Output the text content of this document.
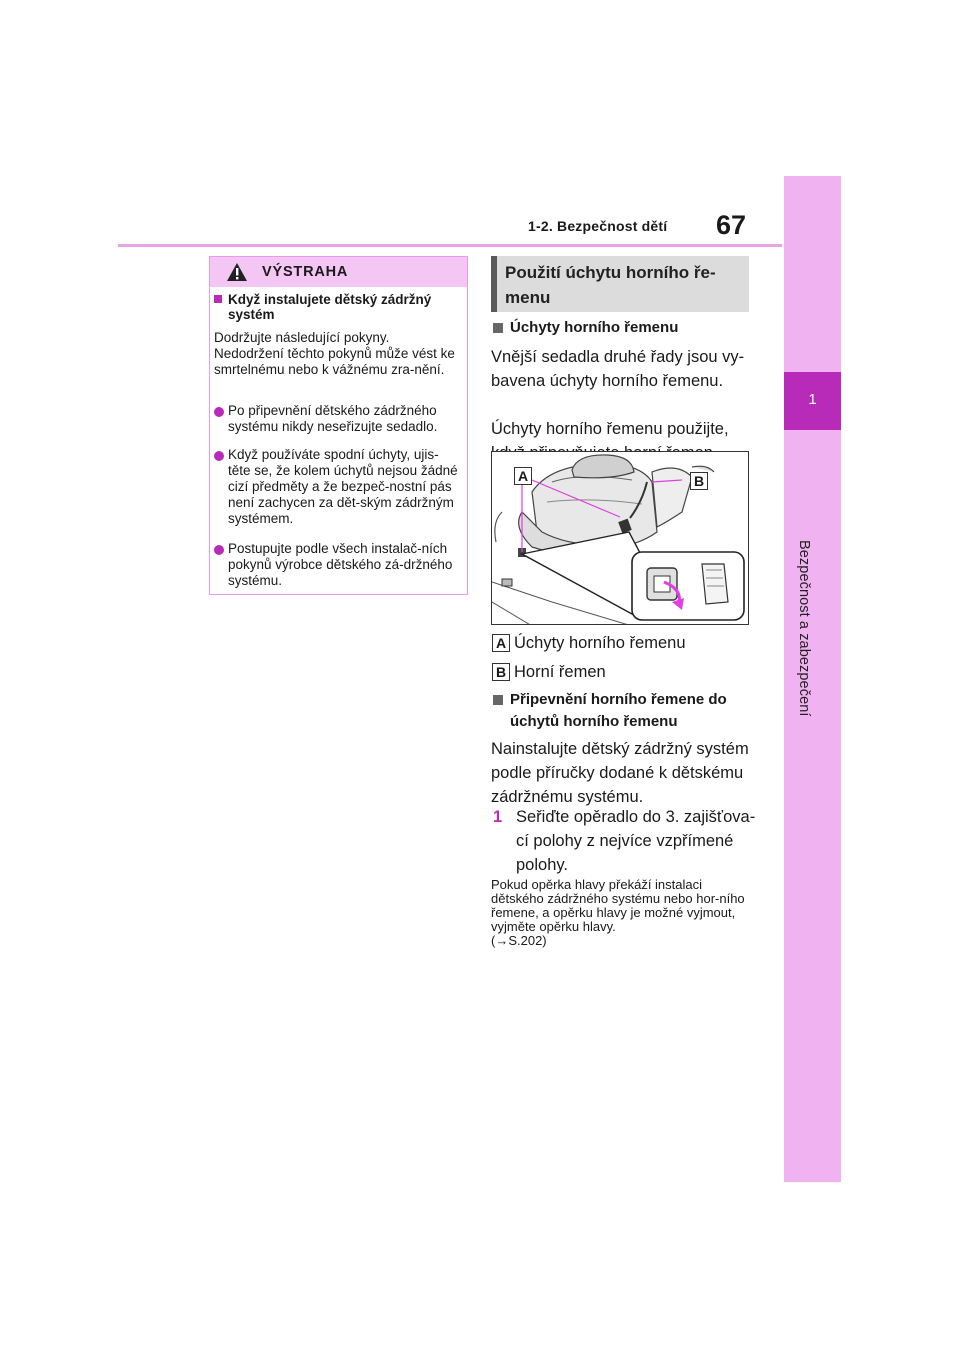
1-2. Bezpečnost dětí 67
1
Bezpečnost a zabezpečení
VÝSTRAHA
Když instalujete dětský zádržný systém
Dodržujte následující pokyny. Nedodržení těchto pokynů může vést ke smrtelnému nebo k vážnému zra-nění.
Po připevnění dětského zádržného systému nikdy neseřizujte sedadlo.
Když používáte spodní úchyty, ujis-těte se, že kolem úchytů nejsou žádné cizí předměty a že bezpeč-nostní pás není zachycen za dět-ským zádržným systémem.
Postupujte podle všech instalač-ních pokynů výrobce dětského zá-držného systému.
Použití úchytu horního ře-menu
Úchyty horního řemenu
Vnější sedadla druhé řady jsou vy-bavena úchyty horního řemenu.
Úchyty horního řemenu použijte,
A	B
A Úchyty horního řemenu
B Horní řemen
Připevnění horního řemene do úchytů horního řemenu
Nainstalujte dětský zádržný systém podle příručky dodané k dětskému zádržnému systému.
1 Seřiďte opěradlo do 3. zajišťova-cí polohy z nejvíce vzpřímené polohy.
Pokud opěrka hlavy překáží instalaci dětského zádržného systému nebo hor-ního řemene, a opěrku hlavy je možné vyjmout, vyjměte opěrku hlavy.
(→S.202)
